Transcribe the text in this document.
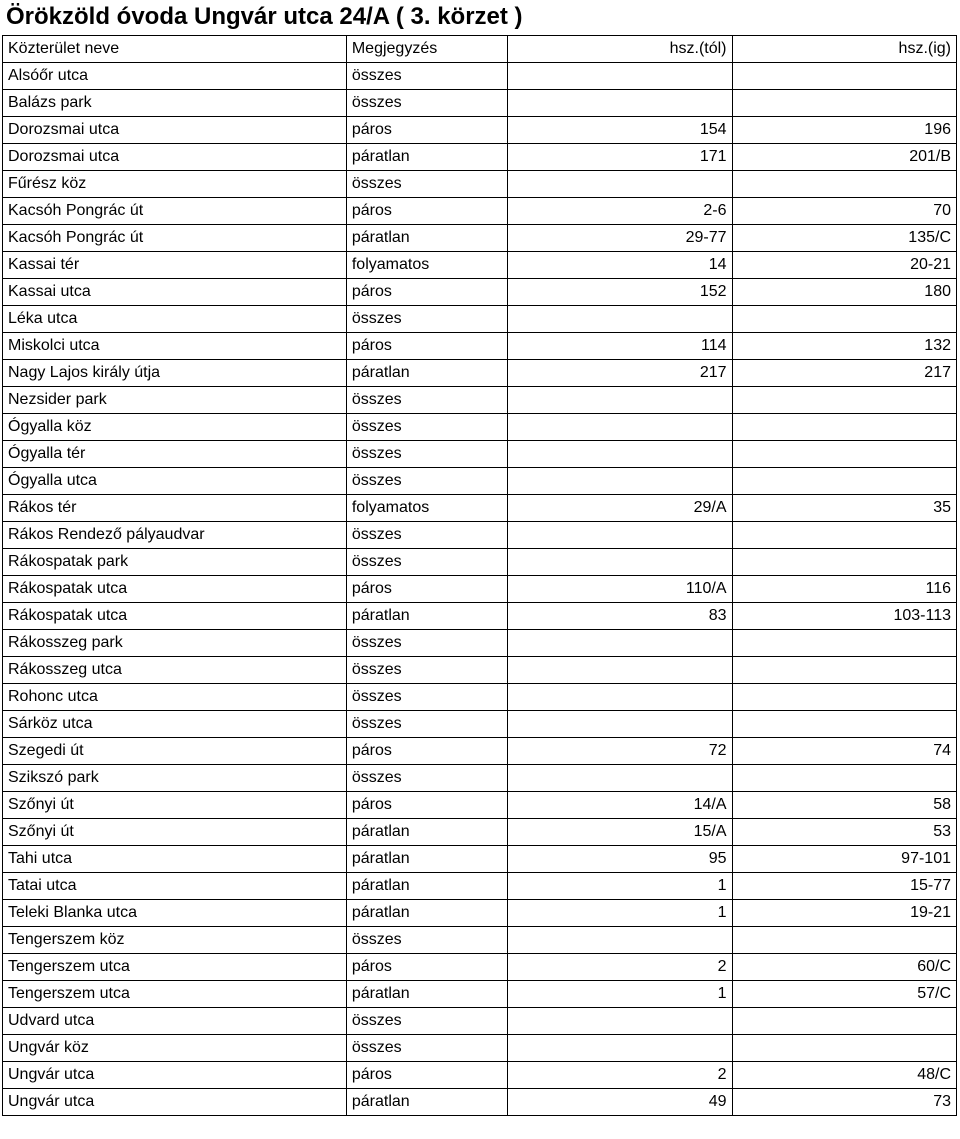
Örökzöld óvoda Ungvár utca 24/A ( 3. körzet )
Közterület neve	Megjegyzés	hsz.(tól)	hsz.(ig)
Alsóőr utca	összes		
Balázs park	összes		
Dorozsmai utca	páros	154	196
Dorozsmai utca	páratlan	171	201/B
Fűrész köz	összes		
Kacsóh Pongrác út	páros	2-6	70
Kacsóh Pongrác út	páratlan	29-77	135/C
Kassai tér	folyamatos	14	20-21
Kassai utca	páros	152	180
Léka utca	összes		
Miskolci utca	páros	114	132
Nagy Lajos király útja	páratlan	217	217
Nezsider park	összes		
Ógyalla köz	összes		
Ógyalla tér	összes		
Ógyalla utca	összes		
Rákos tér	folyamatos	29/A	35
Rákos Rendező pályaudvar	összes		
Rákospatak park	összes		
Rákospatak utca	páros	110/A	116
Rákospatak utca	páratlan	83	103-113
Rákosszeg park	összes		
Rákosszeg utca	összes		
Rohonc utca	összes		
Sárköz utca	összes		
Szegedi út	páros	72	74
Szikszó park	összes		
Szőnyi út	páros	14/A	58
Szőnyi út	páratlan	15/A	53
Tahi utca	páratlan	95	97-101
Tatai utca	páratlan	1	15-77
Teleki Blanka utca	páratlan	1	19-21
Tengerszem köz	összes		
Tengerszem utca	páros	2	60/C
Tengerszem utca	páratlan	1	57/C
Udvard utca	összes		
Ungvár köz	összes		
Ungvár utca	páros	2	48/C
Ungvár utca	páratlan	49	73
